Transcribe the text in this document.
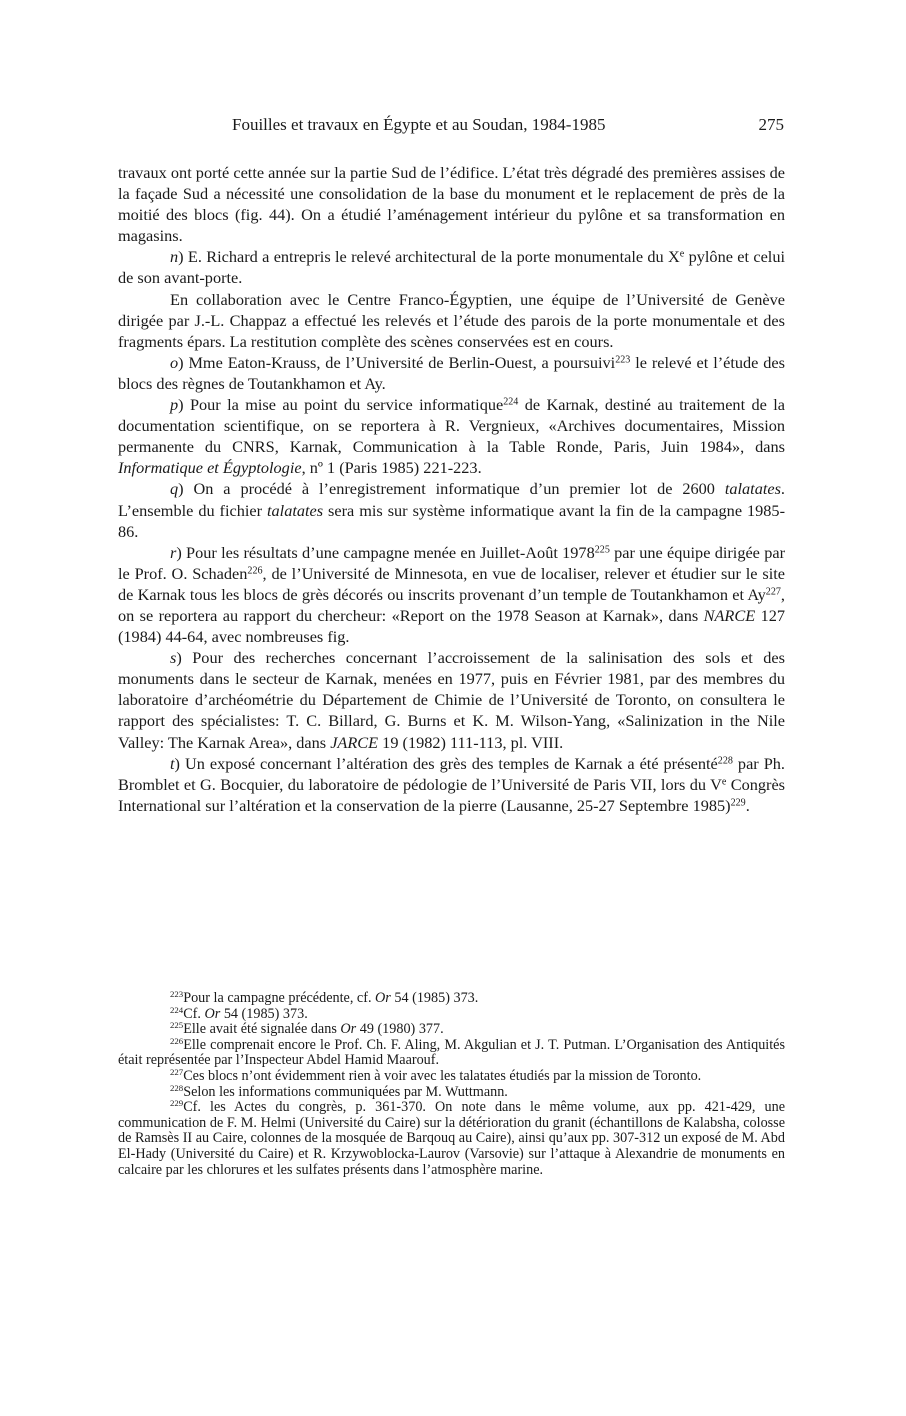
Fouilles et travaux en Égypte et au Soudan, 1984-1985	275

travaux ont porté cette année sur la partie Sud de l’édifice. L’état très dégradé des premières assises de la façade Sud a nécessité une consolidation de la base du monument et le replacement de près de la moitié des blocs (fig. 44). On a étudié l’aménagement intérieur du pylône et sa transformation en magasins.

n) E. Richard a entrepris le relevé architectural de la porte monumentale du Xe pylône et celui de son avant-porte.

En collaboration avec le Centre Franco-Égyptien, une équipe de l’Université de Genève dirigée par J.-L. Chappaz a effectué les relevés et l’étude des parois de la porte monumentale et des fragments épars. La restitution complète des scènes conservées est en cours.

o) Mme Eaton-Krauss, de l’Université de Berlin-Ouest, a poursuivi$^{223}$ le relevé et l’étude des blocs des règnes de Toutankhamon et Ay.

p) Pour la mise au point du service informatique$^{224}$ de Karnak, destiné au traitement de la documentation scientifique, on se reportera à R. Vergnieux, «Archives documentaires, Mission permanente du CNRS, Karnak, Communication à la Table Ronde, Paris, Juin 1984», dans Informatique et Égyptologie, nº 1 (Paris 1985) 221-223.

q) On a procédé à l’enregistrement informatique d’un premier lot de 2600 talatates. L’ensemble du fichier talatates sera mis sur système informatique avant la fin de la campagne 1985-86.

r) Pour les résultats d’une campagne menée en Juillet-Août 1978$^{225}$ par une équipe dirigée par le Prof. O. Schaden$^{226}$, de l’Université de Minnesota, en vue de localiser, relever et étudier sur le site de Karnak tous les blocs de grès décorés ou inscrits provenant d’un temple de Toutankhamon et Ay$^{227}$, on se reportera au rapport du chercheur: «Report on the 1978 Season at Karnak», dans NARCE 127 (1984) 44-64, avec nombreuses fig.

s) Pour des recherches concernant l’accroissement de la salinisation des sols et des monuments dans le secteur de Karnak, menées en 1977, puis en Février 1981, par des membres du laboratoire d’archéométrie du Département de Chimie de l’Université de Toronto, on consultera le rapport des spécialistes: T. C. Billard, G. Burns et K. M. Wilson-Yang, «Salinization in the Nile Valley: The Karnak Area», dans JARCE 19 (1982) 111-113, pl. VIII.

t) Un exposé concernant l’altération des grès des temples de Karnak a été présenté$^{228}$ par Ph. Bromblet et G. Bocquier, du laboratoire de pédologie de l’Université de Paris VII, lors du Ve Congrès International sur l’altération et la conservation de la pierre (Lausanne, 25-27 Septembre 1985)$^{229}$.

$^{223}$Pour la campagne précédente, cf. Or 54 (1985) 373.

$^{224}$Cf. Or 54 (1985) 373.

$^{225}$Elle avait été signalée dans Or 49 (1980) 377.

$^{226}$Elle comprenait encore le Prof. Ch. F. Aling, M. Akgulian et J. T. Putman. L’Organisation des Antiquités était représentée par l’Inspecteur Abdel Hamid Maarouf.

$^{227}$Ces blocs n’ont évidemment rien à voir avec les talatates étudiés par la mission de Toronto.

$^{228}$Selon les informations communiquées par M. Wuttmann.

$^{229}$Cf. les Actes du congrès, p. 361-370. On note dans le même volume, aux pp. 421-429, une communication de F. M. Helmi (Université du Caire) sur la détérioration du granit (échantillons de Kalabsha, colosse de Ramsès II au Caire, colonnes de la mosquée de Barqouq au Caire), ainsi qu’aux pp. 307-312 un exposé de M. Abd El-Hady (Université du Caire) et R. Krzywoblocka-Laurov (Varsovie) sur l’attaque à Alexandrie de monuments en calcaire par les chlorures et les sulfates présents dans l’atmosphère marine.
